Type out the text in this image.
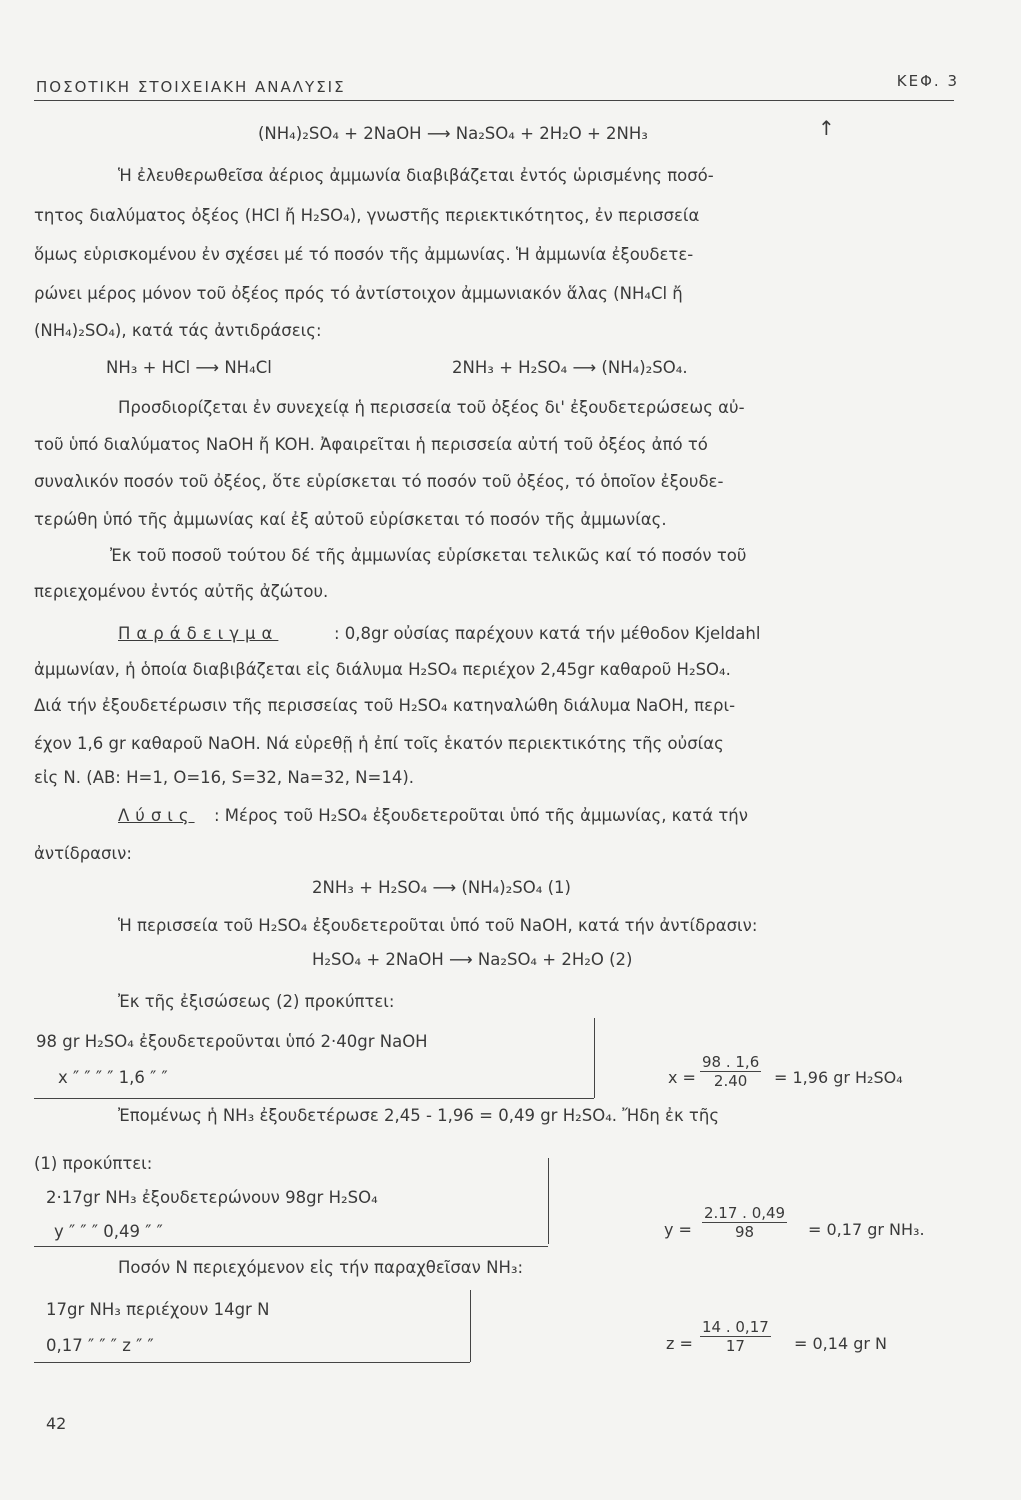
ΠΟΣΟΤΙΚΗ ΣΤΟΙΧΕΙΑΚΗ ΑΝΑΛΥΣΙΣ	ΚΕΦ. 3
(NH₄)₂SO₄ + 2NaOH ⟶ Na₂SO₄ + 2H₂O + 2NH₃	↑
Ἡ ἐλευθερωθεῖσα ἀέριος ἀμμωνία διαβιβάζεται ἐντός ὡρισμένης ποσό-
τητος διαλύματος ὀξέος (HCl ἤ H₂SO₄), γνωστῆς περιεκτικότητος, ἐν περισσεία
ὅμως εὑρισκομένου ἐν σχέσει μέ τό ποσόν τῆς ἀμμωνίας. Ἡ ἀμμωνία ἐξουδετε-
ρώνει μέρος μόνον τοῦ ὀξέος πρός τό ἀντίστοιχον ἀμμωνιακόν ἅλας (NH₄Cl ἤ
(NH₄)₂SO₄), κατά τάς ἀντιδράσεις:
NH₃ + HCl ⟶ NH₄Cl	2NH₃ + H₂SO₄ ⟶ (NH₄)₂SO₄.
Προσδιορίζεται ἐν συνεχείᾳ ἡ περισσεία τοῦ ὀξέος δι' ἐξουδετερώσεως αὐ-
τοῦ ὑπό διαλύματος NaOH ἤ KOH. Ἀφαιρεῖται ἡ περισσεία αὐτή τοῦ ὀξέος ἀπό τό
συναλικόν ποσόν τοῦ ὀξέος, ὅτε εὑρίσκεται τό ποσόν τοῦ ὀξέος, τό ὁποῖον ἐξουδε-
τερώθη ὑπό τῆς ἀμμωνίας καί ἐξ αὐτοῦ εὑρίσκεται τό ποσόν τῆς ἀμμωνίας.
Ἐκ τοῦ ποσοῦ τούτου δέ τῆς ἀμμωνίας εὑρίσκεται τελικῶς καί τό ποσόν τοῦ
περιεχομένου ἐντός αὐτῆς ἀζώτου.
Παράδειγμα	: 0,8gr οὐσίας παρέχουν κατά τήν μέθοδον Kjeldahl
ἀμμωνίαν, ἡ ὁποία διαβιβάζεται εἰς διάλυμα H₂SO₄ περιέχον 2,45gr καθαροῦ H₂SO₄.
Διά τήν ἐξουδετέρωσιν τῆς περισσείας τοῦ H₂SO₄ κατηναλώθη διάλυμα NaOH, περι-
έχον 1,6 gr καθαροῦ NaOH. Νά εὑρεθῇ ἡ ἐπί τοῖς ἑκατόν περιεκτικότης τῆς οὐσίας
εἰς N. (ΑΒ: H=1, O=16, S=32, Na=32, N=14).
Λύσις : Μέρος τοῦ H₂SO₄ ἐξουδετεροῦται ὑπό τῆς ἀμμωνίας, κατά τήν
ἀντίδρασιν:
2NH₃ + H₂SO₄ ⟶ (NH₄)₂SO₄ (1)
Ἡ περισσεία τοῦ H₂SO₄ ἐξουδετεροῦται ὑπό τοῦ NaOH, κατά τήν ἀντίδρασιν:
H₂SO₄ + 2NaOH ⟶ Na₂SO₄ + 2H₂O (2)
Ἐκ τῆς ἐξισώσεως (2) προκύπτει:
98 gr H₂SO₄ ἐξουδετεροῦνται ὑπό 2·40gr NaOH
x ″ ″ ″ ″ 1,6 ″ ″	$x = \frac{98 . 1,6}{2.40} = 1,96$ gr H₂SO₄
Ἐπομένως ἡ NH₃ ἐξουδετέρωσε 2,45 - 1,96 = 0,49 gr H₂SO₄. Ἤδη ἐκ τῆς
(1) προκύπτει:
2·17gr NH₃ ἐξουδετερώνουν 98gr H₂SO₄
y ″ ″ ″ 0,49 ″ ″	$y = \frac{2.17 . 0,49}{98} = 0,17$ gr NH₃.
Ποσόν N περιεχόμενον εἰς τήν παραχθεῖσαν NH₃:
17gr NH₃ περιέχουν 14gr N
0,17 ″ ″ ″ z ″ ″	$z = \frac{14 . 0,17}{17} = 0,14$ gr N
42
